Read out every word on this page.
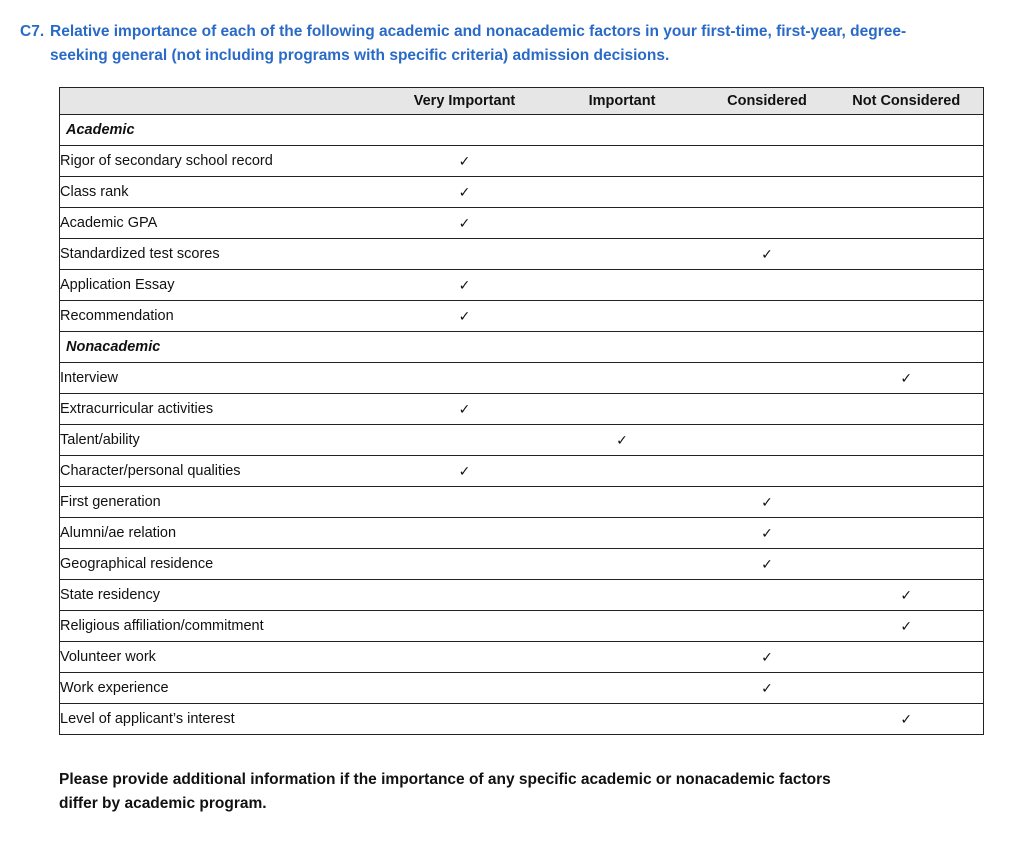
C7. Relative importance of each of the following academic and nonacademic factors in your first-time, first-year, degree-
seeking general (not including programs with specific criteria) admission decisions.
	Very Important	Important	Considered	Not Considered
Academic				
Rigor of secondary school record	✓			
Class rank	✓			
Academic GPA	✓			
Standardized test scores			✓	
Application Essay	✓			
Recommendation	✓			
Nonacademic				
Interview				✓
Extracurricular activities	✓			
Talent/ability		✓		
Character/personal qualities	✓			
First generation			✓	
Alumni/ae relation			✓	
Geographical residence			✓	
State residency				✓
Religious affiliation/commitment				✓
Volunteer work			✓	
Work experience			✓	
Level of applicant’s interest				✓
Please provide additional information if the importance of any specific academic or nonacademic factors
differ by academic program.
